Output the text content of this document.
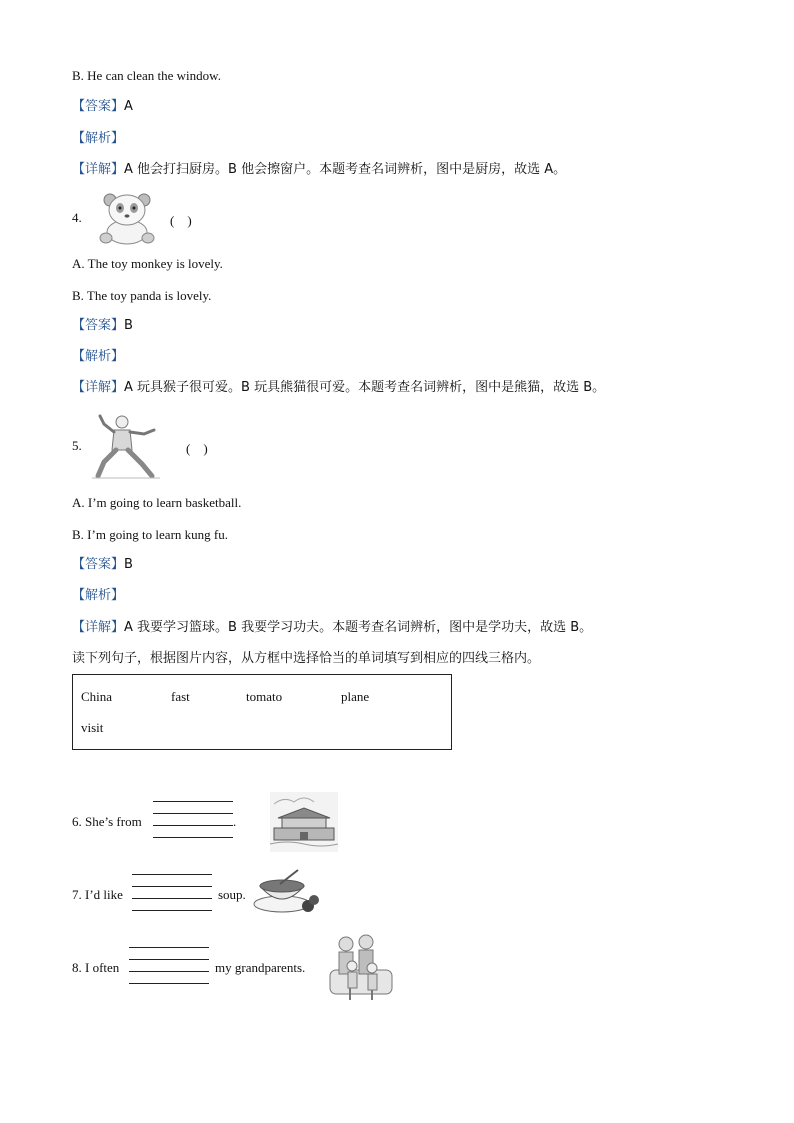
B. He can clean the window.
【答案】A
【解析】
【详解】A 他会打扫厨房。B 他会擦窗户。本题考查名词辨析，图中是厨房，故选 A。
4.	(　)
A. The toy monkey is lovely.
B. The toy panda is lovely.
【答案】B
【解析】
【详解】A 玩具猴子很可爱。B 玩具熊猫很可爱。本题考查名词辨析，图中是熊猫，故选 B。
5.	(　)
A. I’m going to learn basketball.
B. I’m going to learn kung fu.
【答案】B
【解析】
【详解】A 我要学习篮球。B 我要学习功夫。本题考查名词辨析，图中是学功夫，故选 B。
读下列句子，根据图片内容，从方框中选择恰当的单词填写到相应的四线三格内。
China	fast	tomato	plane
visit
6. She’s from	.
7. I’d like	soup.
8. I often	my grandparents.
